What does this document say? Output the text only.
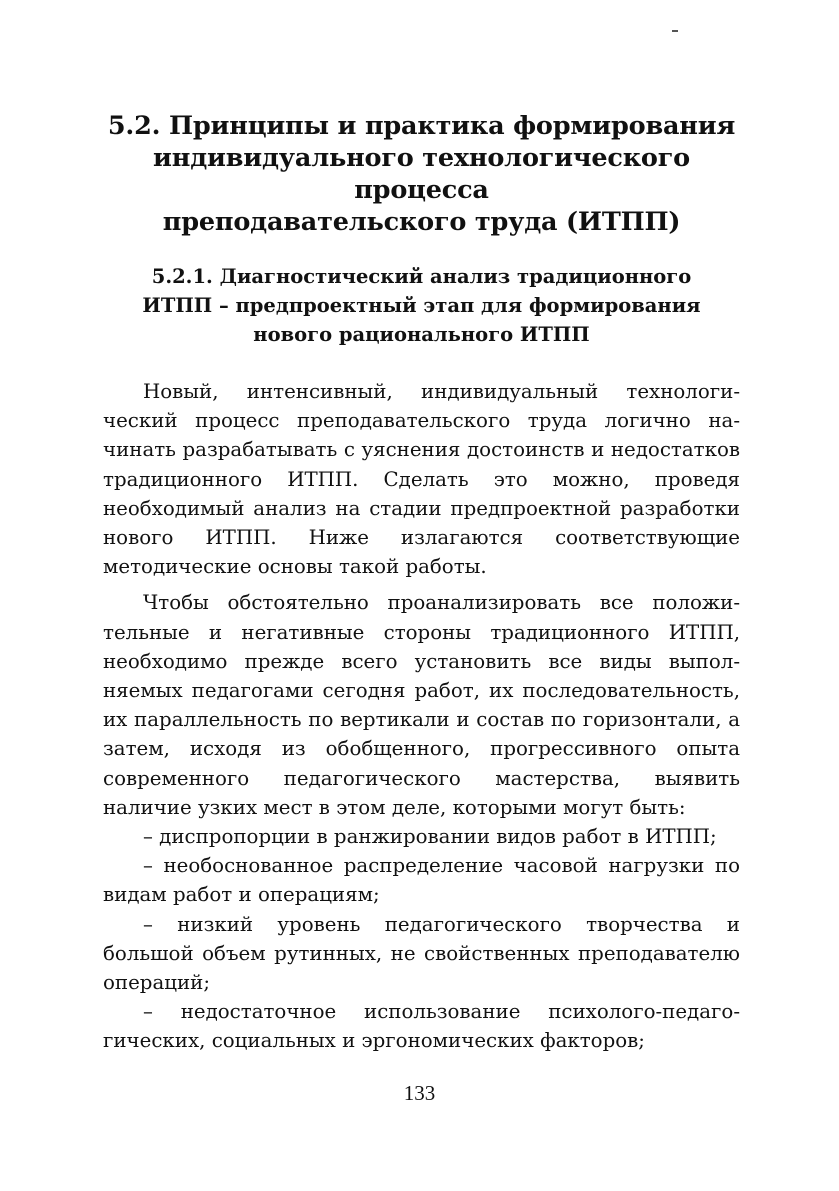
5.2. Принципы и практика формирования
индивидуального технологического процесса
преподавательского труда (ИТПП)
5.2.1. Диагностический анализ традиционного
ИТПП – предпроектный этап для формирования
нового рационального ИТПП

Новый, интенсивный, индивидуальный технологический процесс преподавательского труда логично начинать разрабатывать с уяснения достоинств и недостатков традиционного ИТПП. Сделать это можно, проведя необходимый анализ на стадии предпроектной разработки нового ИТПП. Ниже излагаются соответствующие методические основы такой работы.

Чтобы обстоятельно проанализировать все положительные и негативные стороны традиционного ИТПП, необходимо прежде всего установить все виды выполняемых педагогами сегодня работ, их последовательность, их параллельность по вертикали и состав по горизонтали, а затем, исходя из обобщенного, прогрессивного опыта современного педагогического мастерства, выявить наличие узких мест в этом деле, которыми могут быть:

– диспропорции в ранжировании видов работ в ИТПП;

– необоснованное распределение часовой нагрузки по видам работ и операциям;

– низкий уровень педагогического творчества и большой объем рутинных, не свойственных преподавателю операций;

– недостаточное использование психолого-педагогических, социальных и эргономических факторов;

133
